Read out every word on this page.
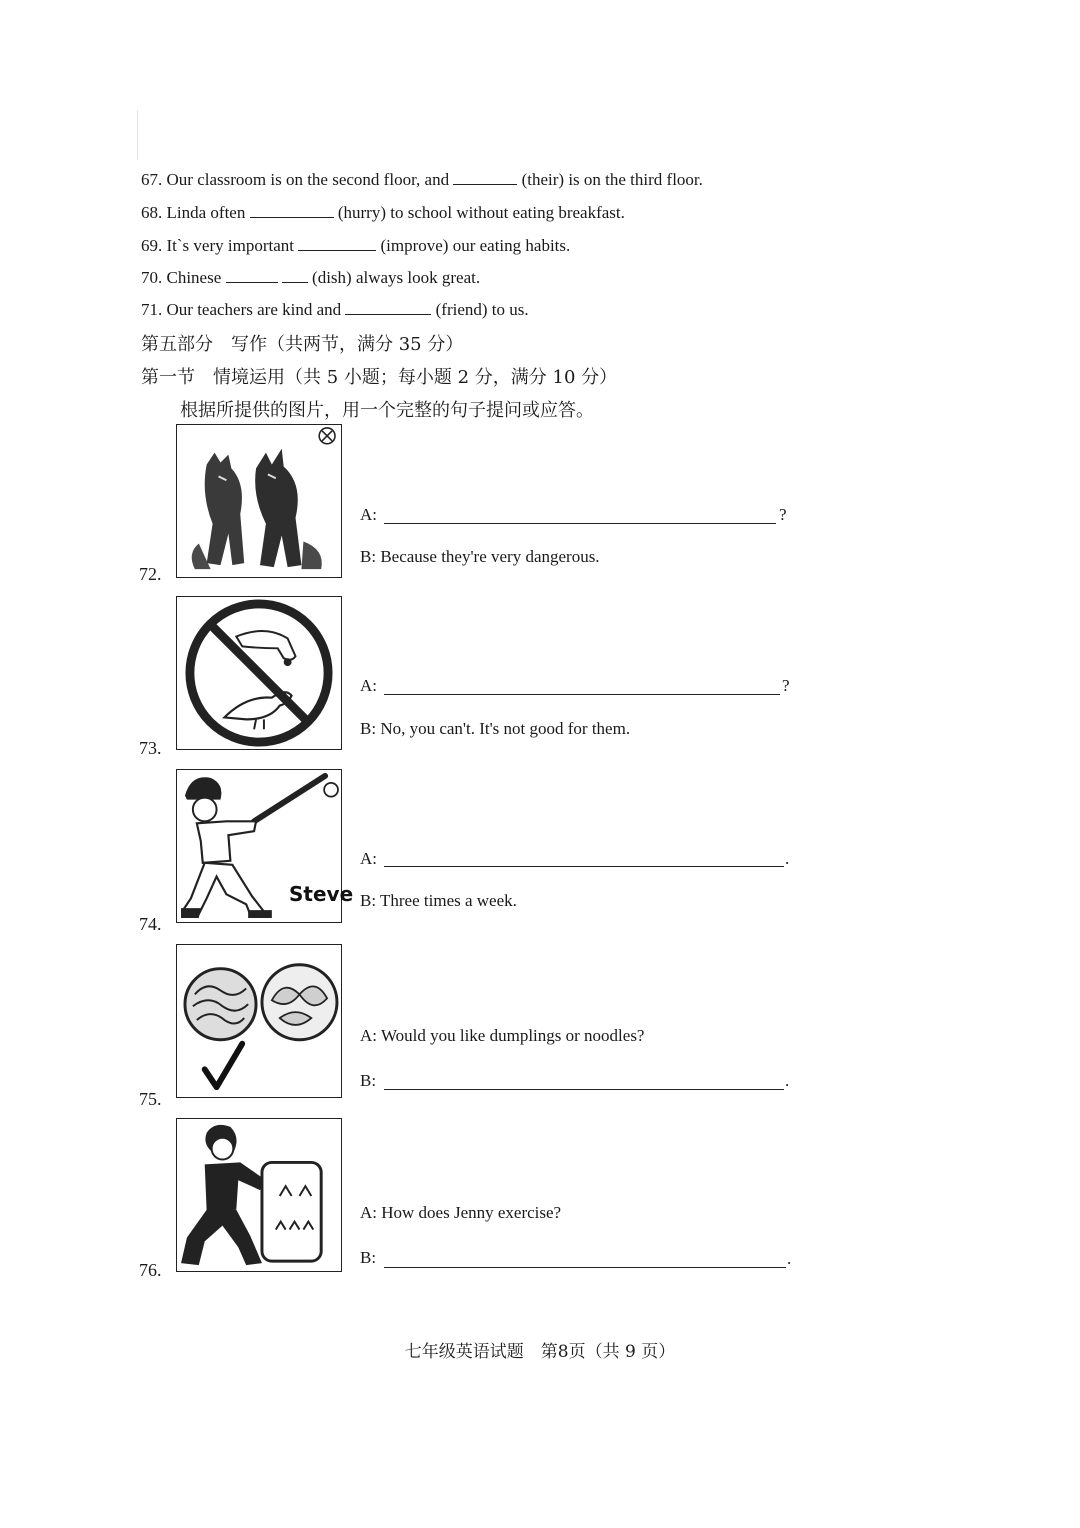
67. Our classroom is on the second floor, and	(their) is on the third floor.
68. Linda often	(hurry) to school without eating breakfast.
69. It`s very important	(improve) our eating habits.
70. Chinese	(dish) always look great.
71. Our teachers are kind and	(friend) to us.
第五部分　写作（共两节，满分 35 分）
第一节　情境运用（共 5 小题；每小题 2 分，满分 10 分）
根据所提供的图片，用一个完整的句子提问或应答。
72.
A:	?
B: Because they're very dangerous.
73.
A:	?
B: No, you can't. It's not good for them.
Steve
74.
A:	.
B: Three times a week.
75.
A: Would you like dumplings or noodles?
B:	.
76.
A: How does Jenny exercise?
B:	.
七年级英语试题　第8页（共 9 页）
